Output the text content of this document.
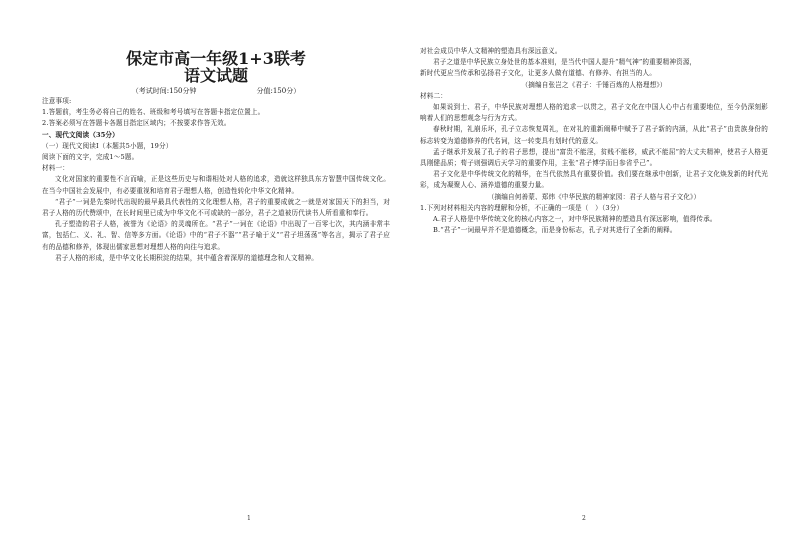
保定市高一年级1+3联考

语文试题

（考试时间:150分钟	分值:150分）

注意事项:

1.答题前，考生务必将自己的姓名、班级和考号填写在答题卡指定位置上。

2.答案必须写在答题卡各题目指定区域内；不按要求作答无效。

一、现代文阅读（35分）

（一）现代文阅读Ⅰ（本题共5小题，19分）

阅读下面的文字，完成1～5题。

材料一：

文化对国家的重要性不言而喻，正是这些历史与和谐相处对人格的追求，造就这样独具东方智慧中国传统文化。在当今中国社会发展中，有必要重视和培育君子理想人格，创造性转化中华文化精神。

“君子”一词是先秦时代出现的最早最具代表性的文化理想人格，君子的重要成就之一就是对家国天下的担当，对君子人格的历代赞颂中，在长时间里已成为中华文化不可或缺的一部分，君子之道被历代读书人所看重和奉行。

孔子塑造的君子人格，被誉为《论语》的灵魂所在。“君子”一词在《论语》中出现了一百零七次，其内涵非常丰富，包括仁、义、礼、智、信等多方面。《论语》中的“君子不器”“君子喻于义”“君子坦荡荡”等名言，揭示了君子应有的品德和修养，体现出儒家思想对理想人格的向往与追求。

君子人格的形成，是中华文化长期积淀的结果，其中蕴含着深厚的道德理念和人文精神。

1

对社会成员中华人文精神的塑造具有深远意义。

君子之道是中华民族立身处世的基本准则，是当代中国人提升“精气神”的重要精神资源，

新时代更应当传承和弘扬君子文化，让更多人做有道德、有修养、有担当的人。

（摘编自张岂之《君子：千锤百炼的人格理想》）

材料二：

如果说到士、君子，中华民族对理想人格的追求一以贯之，君子文化在中国人心中占有重要地位，至今仍深刻影响着人们的思想观念与行为方式。

春秋时期，礼崩乐坏，孔子立志恢复周礼，在对礼的重新阐释中赋予了君子新的内涵，从此“君子”由贵族身份的标志转变为道德修养的代名词，这一转变具有划时代的意义。

孟子继承并发展了孔子的君子思想，提出“富贵不能淫，贫贱不能移，威武不能屈”的大丈夫精神，使君子人格更具刚健品质；荀子则强调后天学习的重要作用，主张“君子博学而日参省乎己”。

君子文化是中华传统文化的精华，在当代依然具有重要价值。我们要在继承中创新，让君子文化焕发新的时代光彩，成为凝聚人心、涵养道德的重要力量。

（摘编自何善蒙、郑炜《中华民族的精神家园：君子人格与君子文化》）

1.下列对材料相关内容的理解和分析，不正确的一项是（　）（3分）

A.君子人格是中华传统文化的核心内容之一，对中华民族精神的塑造具有深远影响，值得传承。

B.“君子”一词最早并不是道德概念，而是身份标志，孔子对其进行了全新的阐释。

2
